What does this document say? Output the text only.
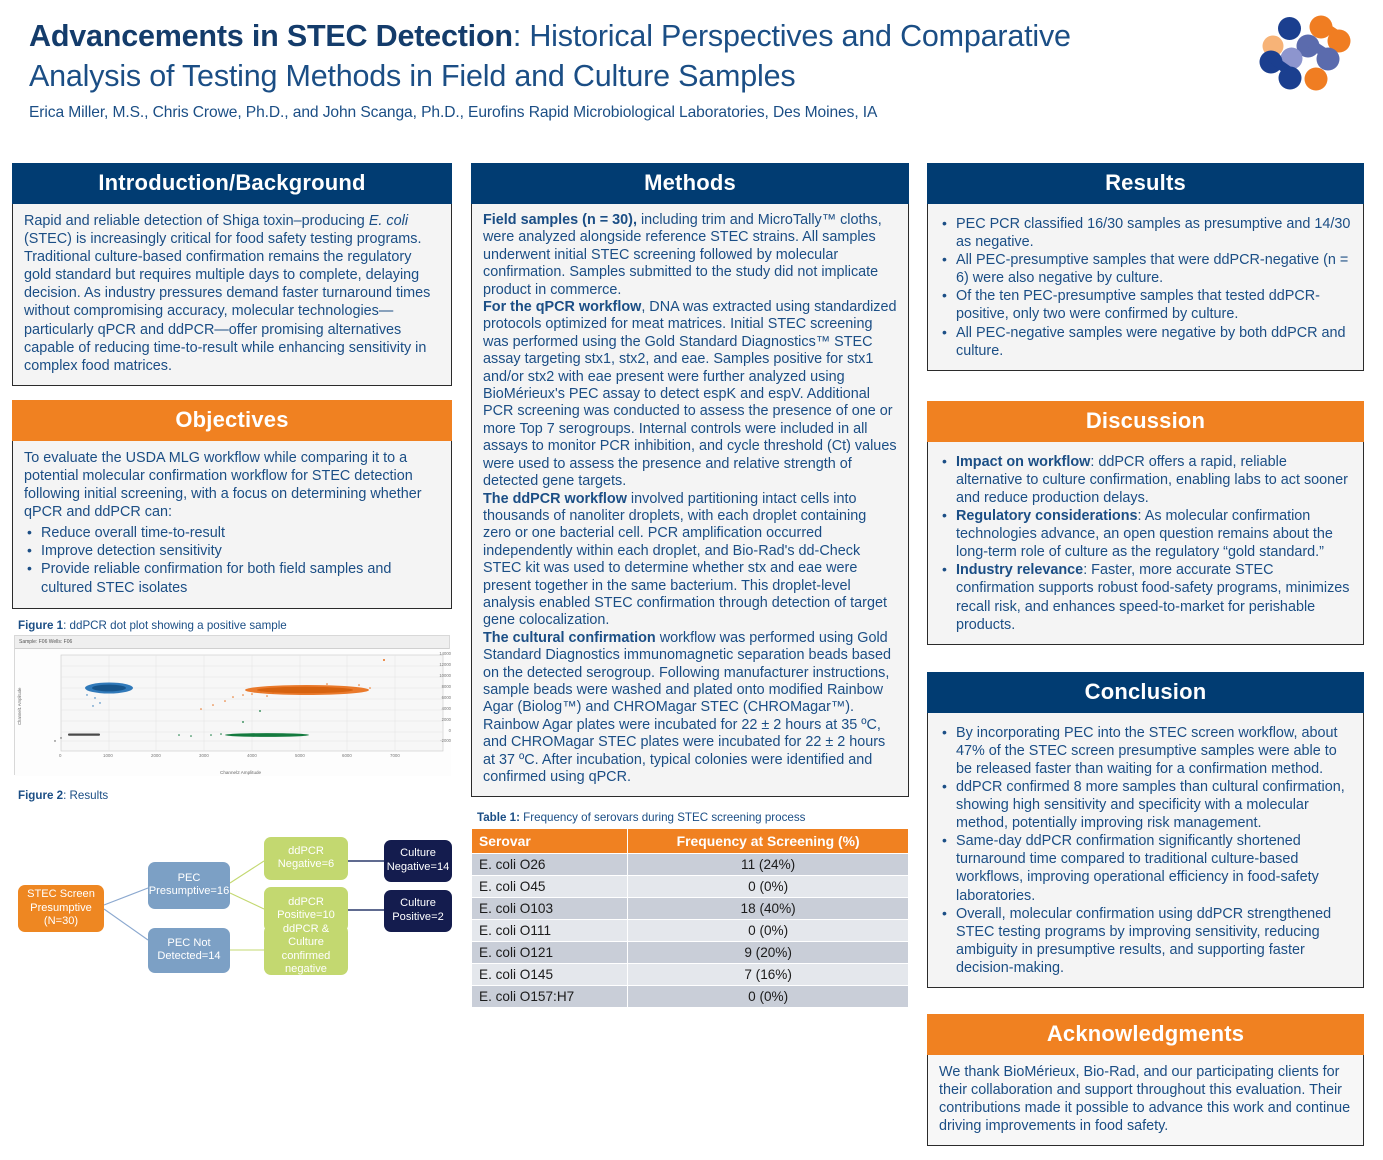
Advancements in STEC Detection: Historical Perspectives and Comparative
Analysis of Testing Methods in Field and Culture Samples
Erica Miller, M.S., Chris Crowe, Ph.D., and John Scanga, Ph.D., Eurofins Rapid Microbiological Laboratories, Des Moines, IA
Introduction/Background

Rapid and reliable detection of Shiga toxin–producing E. coli (STEC) is increasingly critical for food safety testing programs. Traditional culture-based confirmation remains the regulatory gold standard but requires multiple days to complete, delaying decision. As industry pressures demand faster turnaround times without compromising accuracy, molecular technologies—particularly qPCR and ddPCR—offer promising alternatives capable of reducing time-to-result while enhancing sensitivity in complex food matrices.

Objectives

To evaluate the USDA MLG workflow while comparing it to a potential molecular confirmation workflow for STEC detection following initial screening, with a focus on determining whether qPCR and ddPCR can:

• Reduce overall time-to-result
• Improve detection sensitivity
• Provide reliable confirmation for both field samples and cultured STEC isolates
Figure 1: ddPCR dot plot showing a positive sample
Sample: F06 Wells: F06
14000
12000
10000
8000
6000
4000
2000
0
-2000
0	1000	2000	3000	4000	5000	6000	7000
Channel1 Amplitude
Channel2 Amplitude
Figure 2: Results
STEC Screen Presumptive (N=30)
PEC Presumptive=16
PEC Not Detected=14
ddPCR Negative=6
ddPCR Positive=10
ddPCR & Culture confirmed negative
Culture Negative=14
Culture Positive=2
Methods

Field samples (n = 30), including trim and MicroTally™ cloths, were analyzed alongside reference STEC strains. All samples underwent initial STEC screening followed by molecular confirmation. Samples submitted to the study did not implicate product in commerce.

For the qPCR workflow, DNA was extracted using standardized protocols optimized for meat matrices. Initial STEC screening was performed using the Gold Standard Diagnostics™ STEC assay targeting stx1, stx2, and eae. Samples positive for stx1 and/or stx2 with eae present were further analyzed using BioMérieux's PEC assay to detect espK and espV. Additional PCR screening was conducted to assess the presence of one or more Top 7 serogroups. Internal controls were included in all assays to monitor PCR inhibition, and cycle threshold (Ct) values were used to assess the presence and relative strength of detected gene targets.

The ddPCR workflow involved partitioning intact cells into thousands of nanoliter droplets, with each droplet containing zero or one bacterial cell. PCR amplification occurred independently within each droplet, and Bio-Rad's dd-Check STEC kit was used to determine whether stx and eae were present together in the same bacterium. This droplet-level analysis enabled STEC confirmation through detection of target gene colocalization.

The cultural confirmation workflow was performed using Gold Standard Diagnostics immunomagnetic separation beads based on the detected serogroup. Following manufacturer instructions, sample beads were washed and plated onto modified Rainbow Agar (Biolog™) and CHROMagar STEC (CHROMagar™). Rainbow Agar plates were incubated for 22 ± 2 hours at 35 ºC, and CHROMagar STEC plates were incubated for 22 ± 2 hours at 37 ºC. After incubation, typical colonies were identified and confirmed using qPCR.

Table 1: Frequency of serovars during STEC screening process
Serovar	Frequency at Screening (%)
E. coli O26	11 (24%)
E. coli O45	0 (0%)
E. coli O103	18 (40%)
E. coli O111	0 (0%)
E. coli O121	9 (20%)
E. coli O145	7 (16%)
E. coli O157:H7	0 (0%)
Results
• PEC PCR classified 16/30 samples as presumptive and 14/30 as negative.
• All PEC-presumptive samples that were ddPCR-negative (n = 6) were also negative by culture.
• Of the ten PEC-presumptive samples that tested ddPCR-positive, only two were confirmed by culture.
• All PEC-negative samples were negative by both ddPCR and culture.
Discussion
• Impact on workflow: ddPCR offers a rapid, reliable alternative to culture confirmation, enabling labs to act sooner and reduce production delays.
• Regulatory considerations: As molecular confirmation technologies advance, an open question remains about the long-term role of culture as the regulatory “gold standard.”
• Industry relevance: Faster, more accurate STEC confirmation supports robust food-safety programs, minimizes recall risk, and enhances speed-to-market for perishable products.
Conclusion
• By incorporating PEC into the STEC screen workflow, about 47% of the STEC screen presumptive samples were able to be released faster than waiting for a confirmation method.
• ddPCR confirmed 8 more samples than cultural confirmation, showing high sensitivity and specificity with a molecular method, potentially improving risk management.
• Same-day ddPCR confirmation significantly shortened turnaround time compared to traditional culture-based workflows, improving operational efficiency in food-safety laboratories.
• Overall, molecular confirmation using ddPCR strengthened STEC testing programs by improving sensitivity, reducing ambiguity in presumptive results, and supporting faster decision-making.
Acknowledgments

We thank BioMérieux, Bio-Rad, and our participating clients for their collaboration and support throughout this evaluation. Their contributions made it possible to advance this work and continue driving improvements in food safety.
